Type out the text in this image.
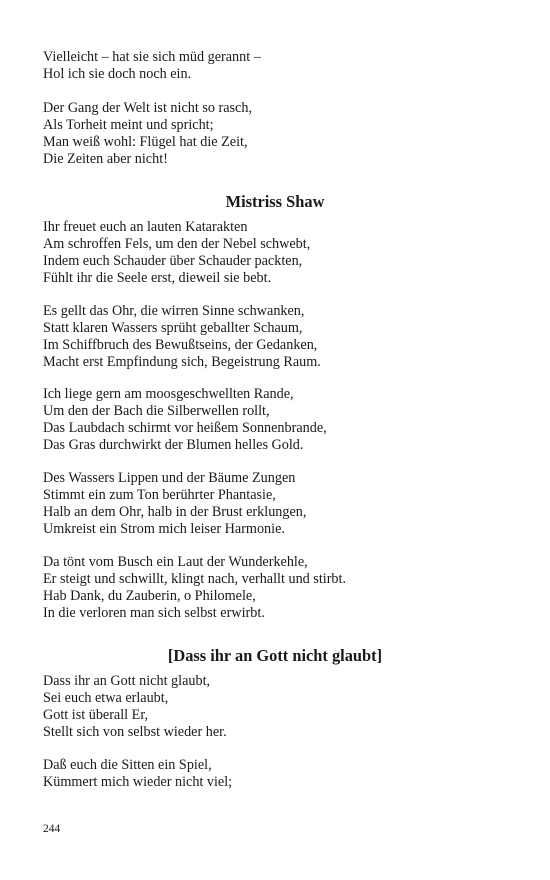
Vielleicht – hat sie sich müd gerannt –
Hol ich sie doch noch ein.
Der Gang der Welt ist nicht so rasch,
Als Torheit meint und spricht;
Man weiß wohl: Flügel hat die Zeit,
Die Zeiten aber nicht!
Mistriss Shaw
Ihr freuet euch an lauten Katarakten
Am schroffen Fels, um den der Nebel schwebt,
Indem euch Schauder über Schauder packten,
Fühlt ihr die Seele erst, dieweil sie bebt.
Es gellt das Ohr, die wirren Sinne schwanken,
Statt klaren Wassers sprüht geballter Schaum,
Im Schiffbruch des Bewußtseins, der Gedanken,
Macht erst Empfindung sich, Begeistrung Raum.
Ich liege gern am moosgeschwellten Rande,
Um den der Bach die Silberwellen rollt,
Das Laubdach schirmt vor heißem Sonnenbrande,
Das Gras durchwirkt der Blumen helles Gold.
Des Wassers Lippen und der Bäume Zungen
Stimmt ein zum Ton berührter Phantasie,
Halb an dem Ohr, halb in der Brust erklungen,
Umkreist ein Strom mich leiser Harmonie.
Da tönt vom Busch ein Laut der Wunderkehle,
Er steigt und schwillt, klingt nach, verhallt und stirbt.
Hab Dank, du Zauberin, o Philomele,
In die verloren man sich selbst erwirbt.
[Dass ihr an Gott nicht glaubt]
Dass ihr an Gott nicht glaubt,
Sei euch etwa erlaubt,
Gott ist überall Er,
Stellt sich von selbst wieder her.
Daß euch die Sitten ein Spiel,
Kümmert mich wieder nicht viel;
244
